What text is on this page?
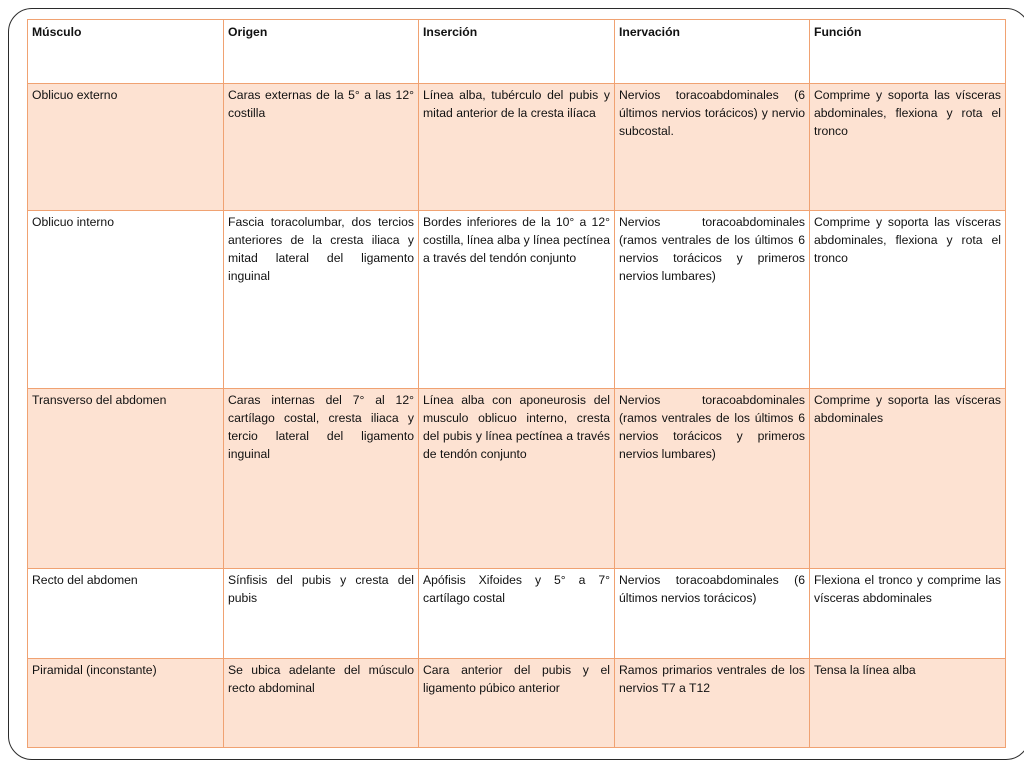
Músculo	Origen	Inserción	Inervación	Función
Oblicuo externo	Caras externas de la 5° a las 12° costilla	Línea alba, tubérculo del pubis y mitad anterior de la cresta ilíaca	Nervios toracoabdominales (6 últimos nervios torácicos) y nervio subcostal.	Comprime y soporta las vísceras abdominales, flexiona y rota el tronco
Oblicuo interno	Fascia toracolumbar, dos tercios anteriores de la cresta iliaca y mitad lateral del ligamento inguinal	Bordes inferiores de la 10° a 12° costilla, línea alba y línea pectínea a través del tendón conjunto	Nervios toracoabdominales (ramos ventrales de los últimos 6 nervios torácicos y primeros nervios lumbares)	Comprime y soporta las vísceras abdominales, flexiona y rota el tronco
Transverso del abdomen	Caras internas del 7° al 12° cartílago costal, cresta iliaca y tercio lateral del ligamento inguinal	Línea alba con aponeurosis del musculo oblicuo interno, cresta del pubis y línea pectínea a través de tendón conjunto	Nervios toracoabdominales (ramos ventrales de los últimos 6 nervios torácicos y primeros nervios lumbares)	Comprime y soporta las vísceras abdominales
Recto del abdomen	Sínfisis del pubis y cresta del pubis	Apófisis Xifoides y 5° a 7° cartílago costal	Nervios toracoabdominales (6 últimos nervios torácicos)	Flexiona el tronco y comprime las vísceras abdominales
Piramidal (inconstante)	Se ubica adelante del músculo recto abdominal	Cara anterior del pubis y el ligamento púbico anterior	Ramos primarios ventrales de los nervios T7 a T12	Tensa la línea alba
